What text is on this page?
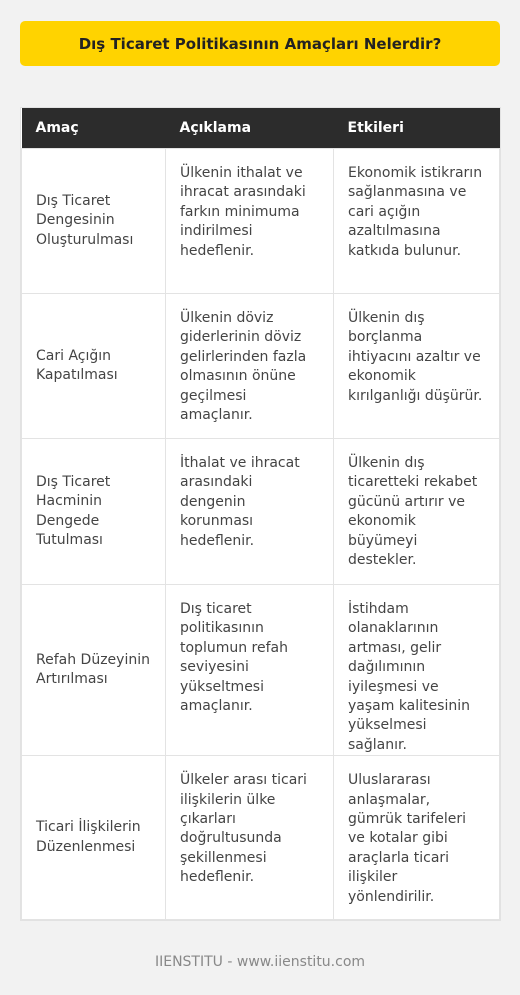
Dış Ticaret Politikasının Amaçları Nelerdir?
Amaç	Açıklama	Etkileri
Dış Ticaret Dengesinin Oluşturulması	Ülkenin ithalat ve ihracat arasındaki farkın minimuma indirilmesi hedeflenir.	Ekonomik istikrarın sağlanmasına ve cari açığın azaltılmasına katkıda bulunur.
Cari Açığın Kapatılması	Ülkenin döviz giderlerinin döviz gelirlerinden fazla olmasının önüne geçilmesi amaçlanır.	Ülkenin dış borçlanma ihtiyacını azaltır ve ekonomik kırılganlığı düşürür.
Dış Ticaret Hacminin Dengede Tutulması	İthalat ve ihracat arasındaki dengenin korunması hedeflenir.	Ülkenin dış ticaretteki rekabet gücünü artırır ve ekonomik büyümeyi destekler.
Refah Düzeyinin Artırılması	Dış ticaret politikasının toplumun refah seviyesini yükseltmesi amaçlanır.	İstihdam olanaklarının artması, gelir dağılımının iyileşmesi ve yaşam kalitesinin yükselmesi sağlanır.
Ticari İlişkilerin Düzenlenmesi	Ülkeler arası ticari ilişkilerin ülke çıkarları doğrultusunda şekillenmesi hedeflenir.	Uluslararası anlaşmalar, gümrük tarifeleri ve kotalar gibi araçlarla ticari ilişkiler yönlendirilir.
IIENSTITU - www.iienstitu.com
